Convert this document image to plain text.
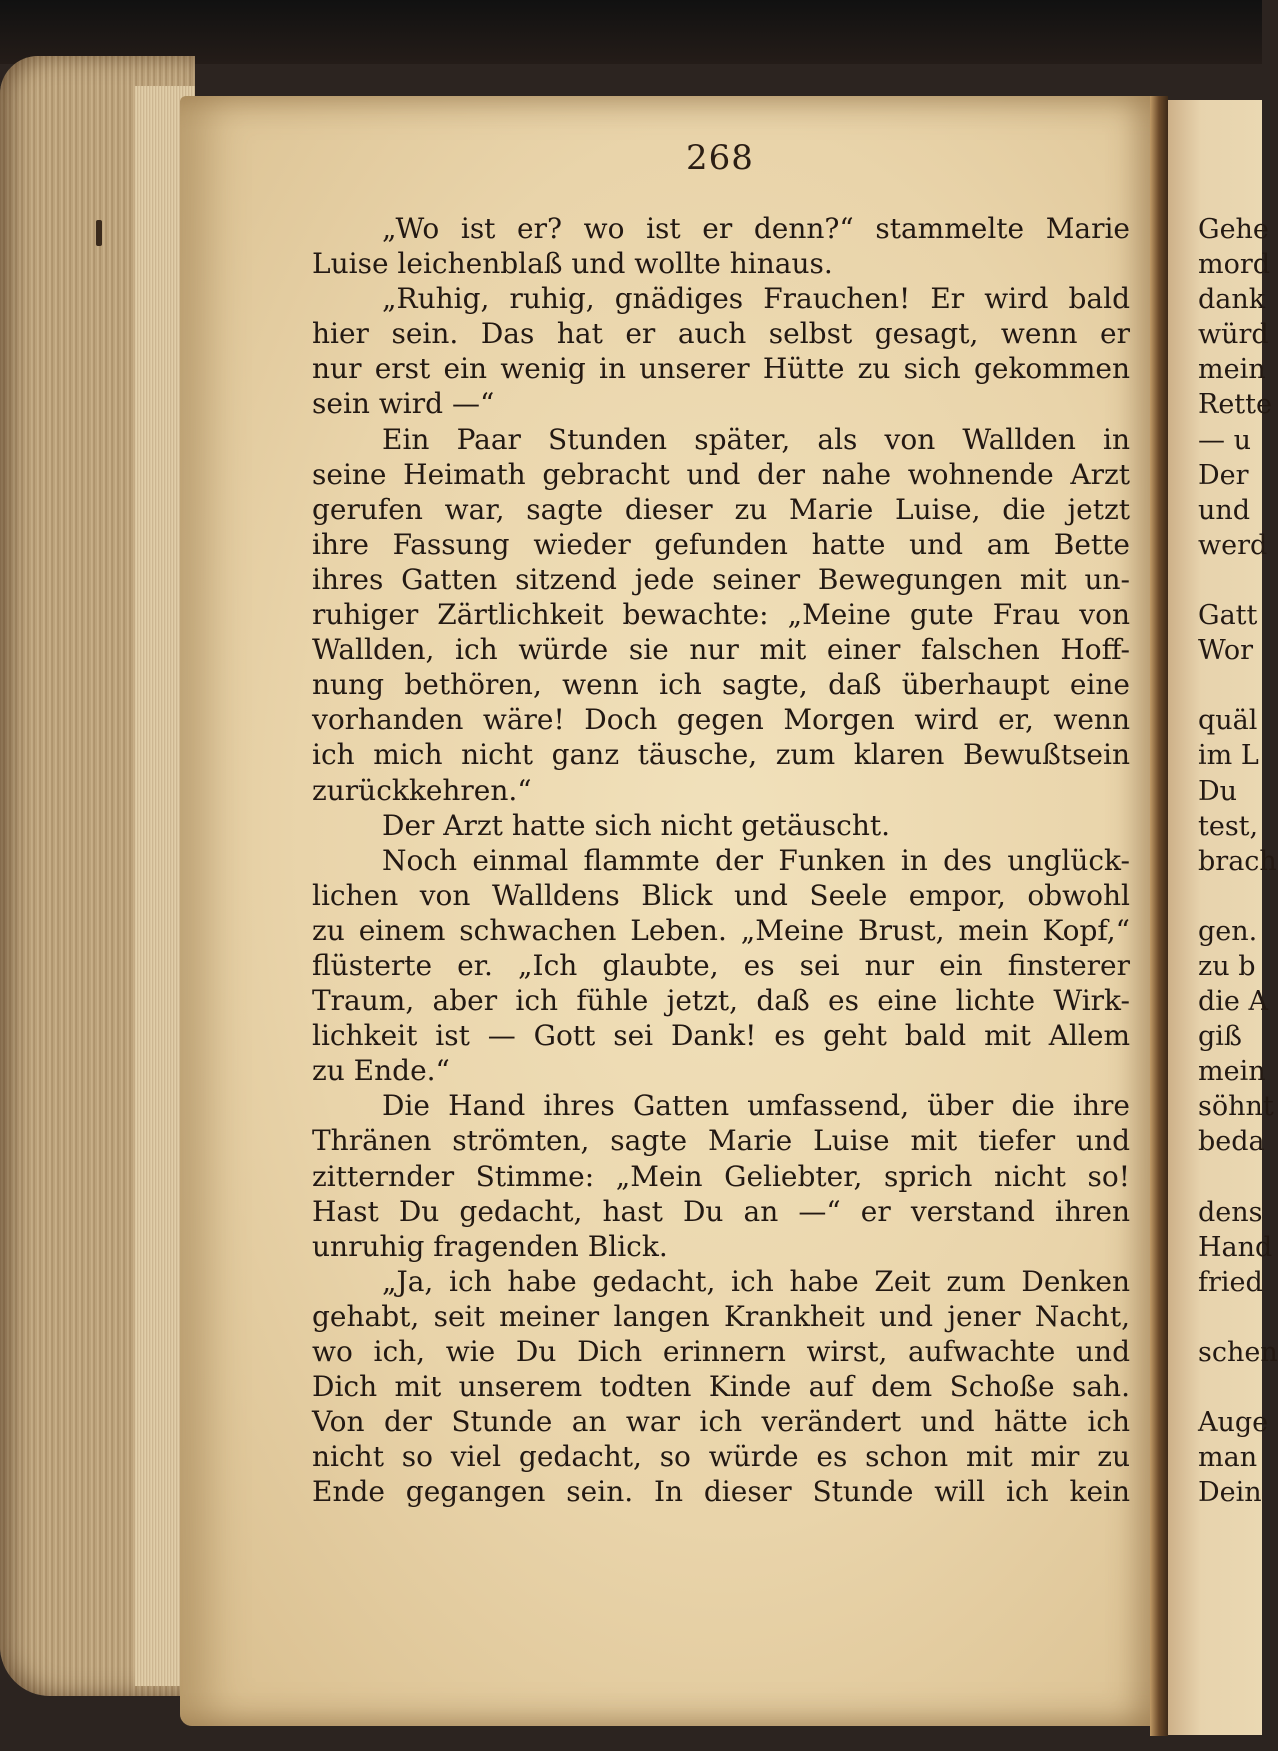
268
„Wo ist er? wo ist er denn?“ stammelte Marie
Luise leichenblaß und wollte hinaus.
„Ruhig, ruhig, gnädiges Frauchen! Er wird bald
hier sein. Das hat er auch selbst gesagt, wenn er
nur erst ein wenig in unserer Hütte zu sich gekommen
sein wird —“
Ein Paar Stunden später, als von Wallden in
seine Heimath gebracht und der nahe wohnende Arzt
gerufen war, sagte dieser zu Marie Luise, die jetzt
ihre Fassung wieder gefunden hatte und am Bette
ihres Gatten sitzend jede seiner Bewegungen mit un-
ruhiger Zärtlichkeit bewachte: „Meine gute Frau von
Wallden, ich würde sie nur mit einer falschen Hoff-
nung bethören, wenn ich sagte, daß überhaupt eine
vorhanden wäre! Doch gegen Morgen wird er, wenn
ich mich nicht ganz täusche, zum klaren Bewußtsein
zurückkehren.“
Der Arzt hatte sich nicht getäuscht.
Noch einmal flammte der Funken in des unglück-
lichen von Walldens Blick und Seele empor, obwohl
zu einem schwachen Leben. „Meine Brust, mein Kopf,“
flüsterte er. „Ich glaubte, es sei nur ein finsterer
Traum, aber ich fühle jetzt, daß es eine lichte Wirk-
lichkeit ist — Gott sei Dank! es geht bald mit Allem
zu Ende.“
Die Hand ihres Gatten umfassend, über die ihre
Thränen strömten, sagte Marie Luise mit tiefer und
zitternder Stimme: „Mein Geliebter, sprich nicht so!
Hast Du gedacht, hast Du an —“ er verstand ihren
unruhig fragenden Blick.
„Ja, ich habe gedacht, ich habe Zeit zum Denken
gehabt, seit meiner langen Krankheit und jener Nacht,
wo ich, wie Du Dich erinnern wirst, aufwachte und
Dich mit unserem todten Kinde auf dem Schoße sah.
Von der Stunde an war ich verändert und hätte ich
nicht so viel gedacht, so würde es schon mit mir zu
Ende gegangen sein. In dieser Stunde will ich kein
Gehe
mord
dank
würd
mein
Rette
— u
Der
und
werd
Gatt
Wor
quäl
im L
Du
test,
brach
gen.
zu b
die A
giß
mein
söhnt
beda
dens
Hand
fried
schen
Auge
man
Dein
